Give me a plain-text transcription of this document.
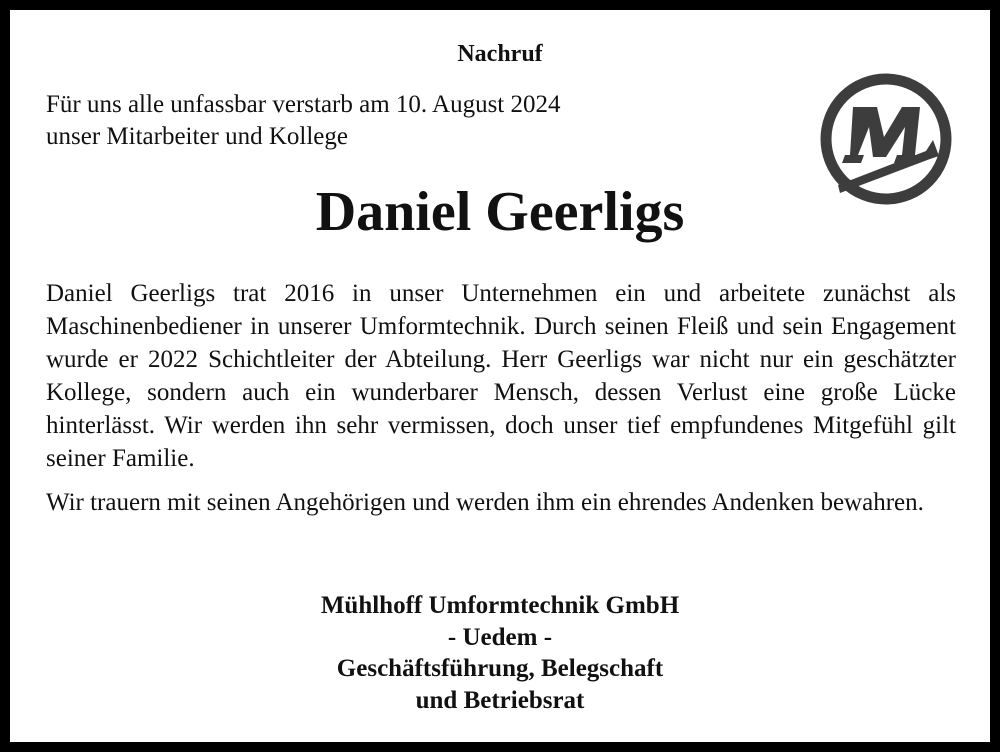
Nachruf
Für uns alle unfassbar verstarb am 10. August 2024
unser Mitarbeiter und Kollege
Daniel Geerligs

Daniel Geerligs trat 2016 in unser Unternehmen ein und arbeitete zunächst als Maschinenbediener in unserer Umformtechnik. Durch seinen Fleiß und sein Engagement wurde er 2022 Schichtleiter der Abteilung. Herr Geerligs war nicht nur ein geschätzter Kollege, sondern auch ein wunderbarer Mensch, dessen Verlust eine große Lücke hinterlässt. Wir werden ihn sehr vermissen, doch unser tief empfundenes Mitgefühl gilt seiner Familie.

Wir trauern mit seinen Angehörigen und werden ihm ein ehrendes Andenken bewahren.

Mühlhoff Umformtechnik GmbH
- Uedem -
Geschäftsführung, Belegschaft
und Betriebsrat
